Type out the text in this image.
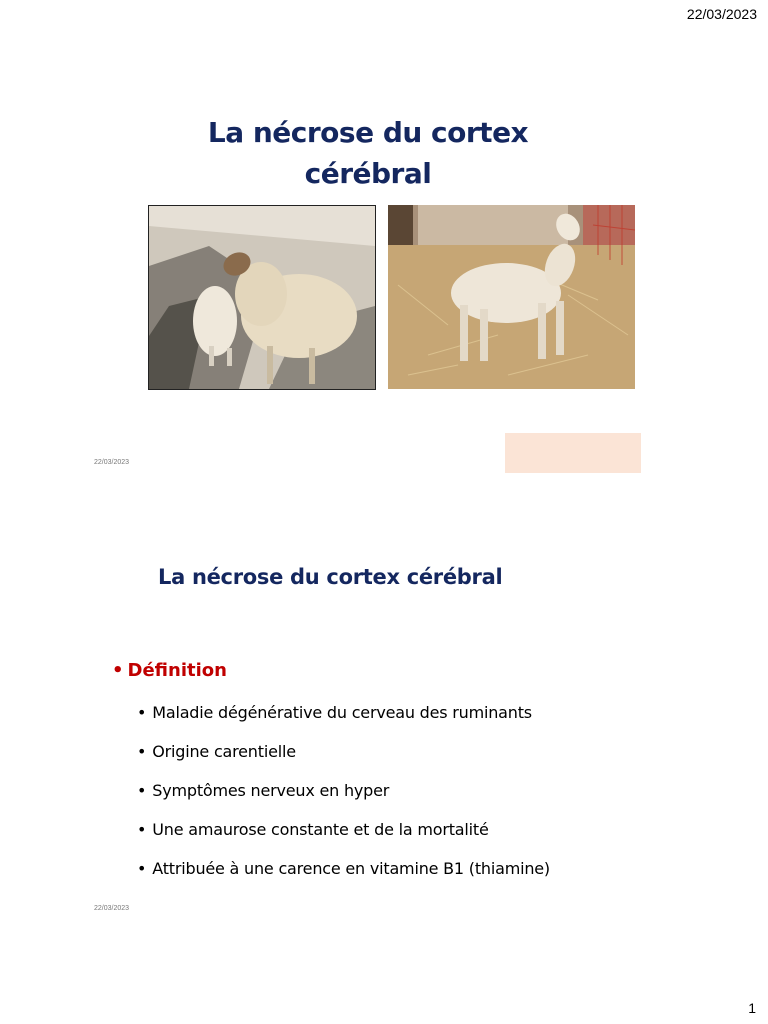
22/03/2023
La nécrose du cortex
cérébral
22/03/2023
La nécrose du cortex cérébral
• Définition
• Maladie dégénérative du cerveau des ruminants
• Origine carentielle
• Symptômes nerveux en hyper
• Une amaurose constante et de la mortalité
• Attribuée à une carence en vitamine B1 (thiamine)
22/03/2023
1
